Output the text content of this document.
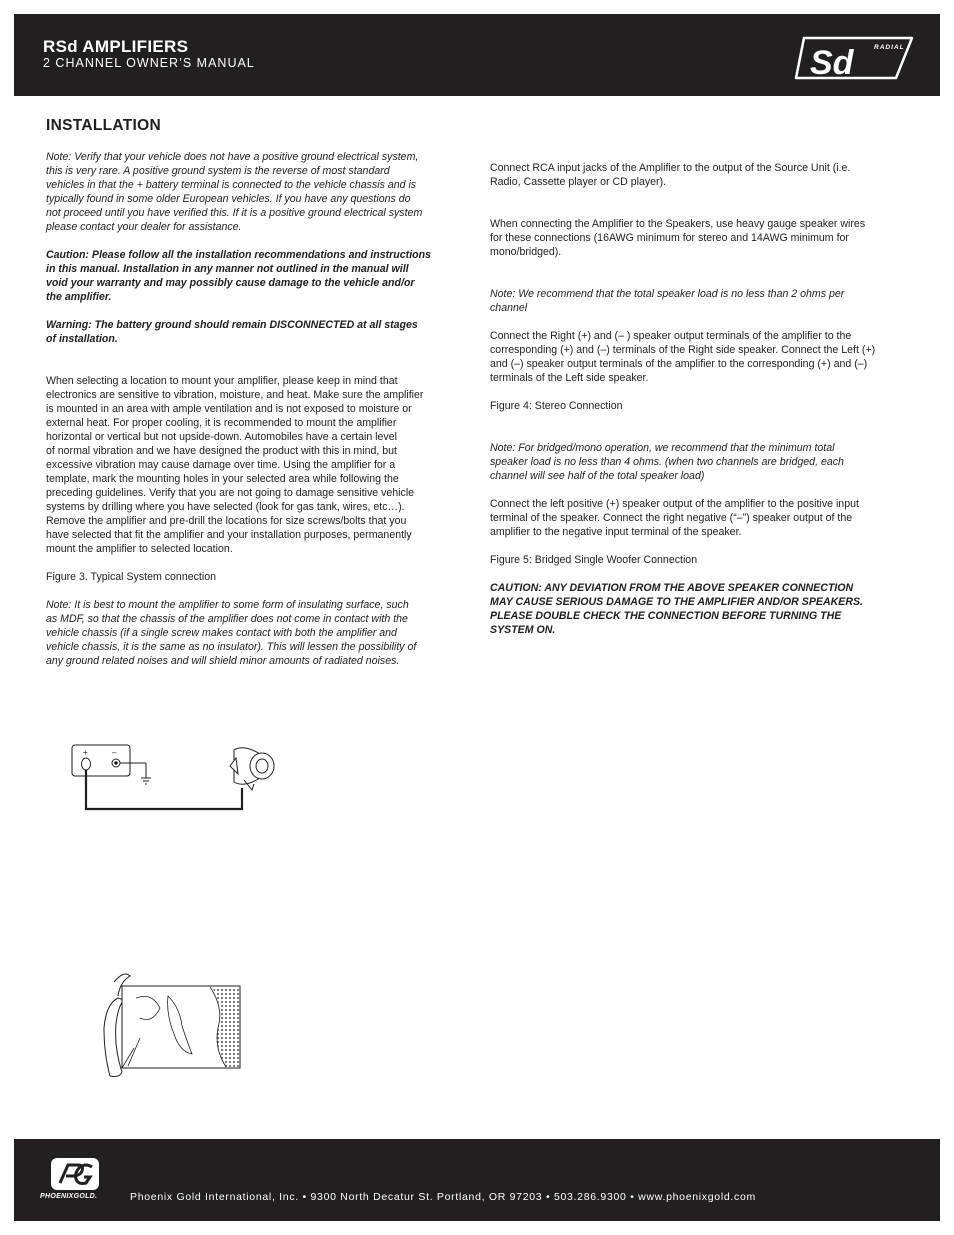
RSd AMPLIFIERS
2 CHANNEL OWNER’S MANUAL
RADIAL
Sd
INSTALLATION

Note: Verify that your vehicle does not have a positive ground electrical system,
this is very rare. A positive ground system is the reverse of most standard
vehicles in that the + battery terminal is connected to the vehicle chassis and is
typically found in some older European vehicles. If you have any questions do
not proceed until you have verified this. If it is a positive ground electrical system
please contact your dealer for assistance.

Caution: Please follow all the installation recommendations and instructions
in this manual. Installation in any manner not outlined in the manual will
void your warranty and may possibly cause damage to the vehicle and/or
the amplifier.

Warning: The battery ground should remain DISCONNECTED at all stages
of installation.

When selecting a location to mount your amplifier, please keep in mind that
electronics are sensitive to vibration, moisture, and heat. Make sure the amplifier
is mounted in an area with ample ventilation and is not exposed to moisture or
external heat. For proper cooling, it is recommended to mount the amplifier
horizontal or vertical but not upside-down. Automobiles have a certain level
of normal vibration and we have designed the product with this in mind, but
excessive vibration may cause damage over time. Using the amplifier for a
template, mark the mounting holes in your selected area while following the
preceding guidelines. Verify that you are not going to damage sensitive vehicle
systems by drilling where you have selected (look for gas tank, wires, etc…).
Remove the amplifier and pre-drill the locations for size screws/bolts that you
have selected that fit the amplifier and your installation purposes, permanently
mount the amplifier to selected location.

Figure 3. Typical System connection

Note: It is best to mount the amplifier to some form of insulating surface, such
as MDF, so that the chassis of the amplifier does not come in contact with the
vehicle chassis (if a single screw makes contact with both the amplifier and
vehicle chassis, it is the same as no insulator). This will lessen the possibility of
any ground related noises and will shield minor amounts of radiated noises.

Connect RCA input jacks of the Amplifier to the output of the Source Unit (i.e.
Radio, Cassette player or CD player).

When connecting the Amplifier to the Speakers, use heavy gauge speaker wires
for these connections (16AWG minimum for stereo and 14AWG minimum for
mono/bridged).

Note: We recommend that the total speaker load is no less than 2 ohms per
channel

Connect the Right (+) and (– ) speaker output terminals of the amplifier to the
corresponding (+) and (–) terminals of the Right side speaker. Connect the Left (+)
and (–) speaker output terminals of the amplifier to the corresponding (+) and (–)
terminals of the Left side speaker.

Figure 4: Stereo Connection

Note: For bridged/mono operation, we recommend that the minimum total
speaker load is no less than 4 ohms. (when two channels are bridged, each
channel will see half of the total speaker load)

Connect the left positive (+) speaker output of the amplifier to the positive input
terminal of the speaker. Connect the right negative (“–”) speaker output of the
amplifier to the negative input terminal of the speaker.

Figure 5: Bridged Single Woofer Connection

CAUTION: ANY DEVIATION FROM THE ABOVE SPEAKER CONNECTION
MAY CAUSE SERIOUS DAMAGE TO THE AMPLIFIER AND/OR SPEAKERS.
PLEASE DOUBLE CHECK THE CONNECTION BEFORE TURNING THE
SYSTEM ON.

+	–
PHOENIXGOLD.	Phoenix Gold International, Inc. • 9300 North Decatur St. Portland, OR 97203 • 503.286.9300 • www.phoenixgold.com
